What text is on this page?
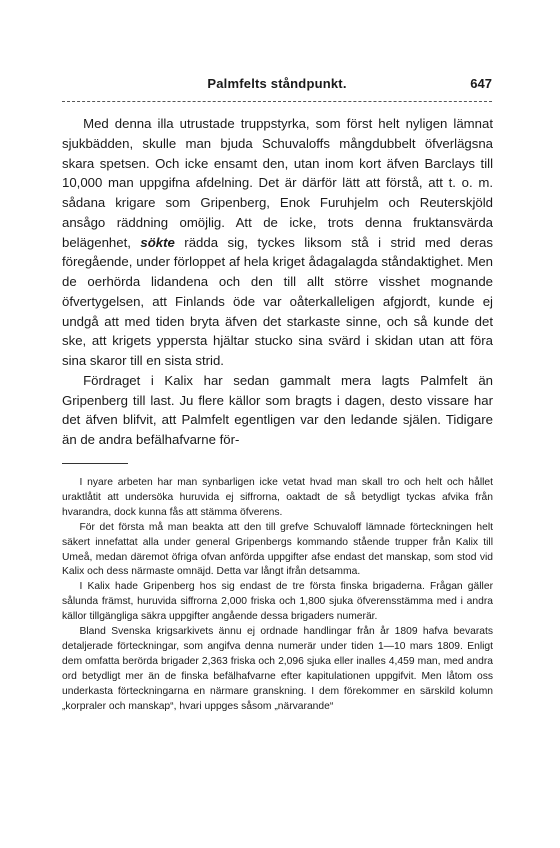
Palmfelts ståndpunkt.	647

Med denna illa utrustade truppstyrka, som först helt nyligen lämnat sjukbädden, skulle man bjuda Schuvaloffs mångdubbelt öfverlägsna skara spetsen. Och icke ensamt den, utan inom kort äfven Barclays till 10,000 man uppgifna afdelning. Det är därför lätt att förstå, att t. o. m. sådana krigare som Gripenberg, Enok Furuhjelm och Reuterskjöld ansågo räddning omöjlig. Att de icke, trots denna fruktansvärda belägenhet, sökte rädda sig, tyckes liksom stå i strid med deras föregående, under förloppet af hela kriget ådagalagda ståndaktighet. Men de oerhörda lidandena och den till allt större visshet mognande öfvertygelsen, att Finlands öde var oåterkalleligen afgjordt, kunde ej undgå att med tiden bryta äfven det starkaste sinne, och så kunde det ske, att krigets yppersta hjältar stucko sina svärd i skidan utan att föra sina skaror till en sista strid.

Fördraget i Kalix har sedan gammalt mera lagts Palmfelt än Gripenberg till last. Ju flere källor som bragts i dagen, desto vissare har det äfven blifvit, att Palmfelt egentligen var den ledande själen. Tidigare än de andra befälhafvarne för-

I nyare arbeten har man synbarligen icke vetat hvad man skall tro och helt och hållet uraktlåtit att undersöka huruvida ej siffrorna, oaktadt de så betydligt tyckas afvika från hvarandra, dock kunna fås att stämma öfverens.

För det första må man beakta att den till grefve Schuvaloff lämnade förteckningen helt säkert innefattat alla under general Gripenbergs kommando stående trupper från Kalix till Umeå, medan däremot öfriga ofvan anförda uppgifter afse endast det manskap, som stod vid Kalix och dess närmaste omnäjd. Detta var långt ifrån detsamma.

I Kalix hade Gripenberg hos sig endast de tre första finska brigaderna. Frågan gäller sålunda främst, huruvida siffrorna 2,000 friska och 1,800 sjuka öfverensstämma med i andra källor tillgängliga säkra uppgifter angående dessa brigaders numerär.

Bland Svenska krigsarkivets ännu ej ordnade handlingar från år 1809 hafva bevarats detaljerade förteckningar, som angifva denna numerär under tiden 1—10 mars 1809. Enligt dem omfatta berörda brigader 2,363 friska och 2,096 sjuka eller inalles 4,459 man, med andra ord betydligt mer än de finska befälhafvarne efter kapitulationen uppgifvit. Men låtom oss underkasta förteckningarna en närmare granskning. I dem förekommer en särskild kolumn „korpraler och manskap“, hvari uppges såsom „närvarande“
